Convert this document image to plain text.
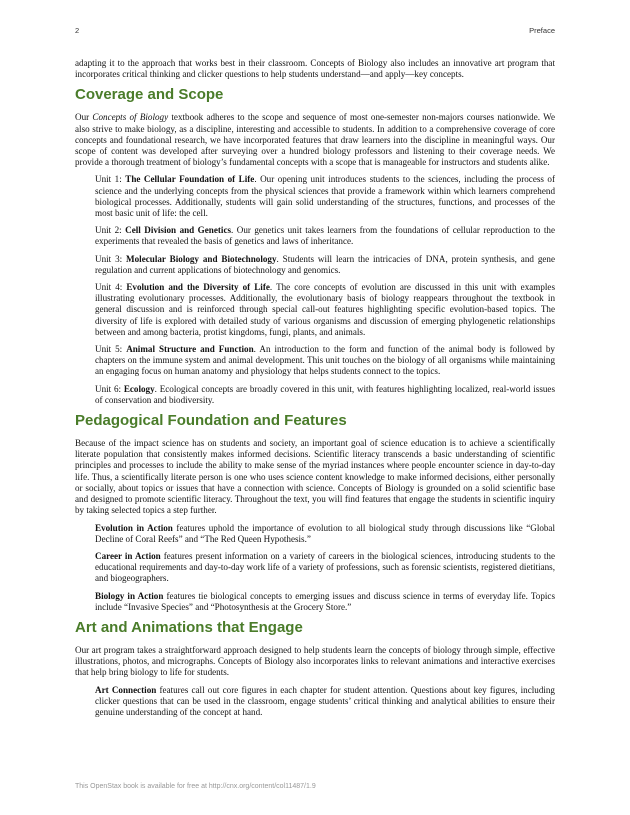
2	Preface

adapting it to the approach that works best in their classroom. Concepts of Biology also includes an innovative art program that incorporates critical thinking and clicker questions to help students understand—and apply—key concepts.

Coverage and Scope

Our Concepts of Biology textbook adheres to the scope and sequence of most one-semester non-majors courses nationwide. We also strive to make biology, as a discipline, interesting and accessible to students. In addition to a comprehensive coverage of core concepts and foundational research, we have incorporated features that draw learners into the discipline in meaningful ways. Our scope of content was developed after surveying over a hundred biology professors and listening to their coverage needs. We provide a thorough treatment of biology’s fundamental concepts with a scope that is manageable for instructors and students alike.

Unit 1: The Cellular Foundation of Life. Our opening unit introduces students to the sciences, including the process of science and the underlying concepts from the physical sciences that provide a framework within which learners comprehend biological processes. Additionally, students will gain solid understanding of the structures, functions, and processes of the most basic unit of life: the cell.

Unit 2: Cell Division and Genetics. Our genetics unit takes learners from the foundations of cellular reproduction to the experiments that revealed the basis of genetics and laws of inheritance.

Unit 3: Molecular Biology and Biotechnology. Students will learn the intricacies of DNA, protein synthesis, and gene regulation and current applications of biotechnology and genomics.

Unit 4: Evolution and the Diversity of Life. The core concepts of evolution are discussed in this unit with examples illustrating evolutionary processes. Additionally, the evolutionary basis of biology reappears throughout the textbook in general discussion and is reinforced through special call-out features highlighting specific evolution-based topics. The diversity of life is explored with detailed study of various organisms and discussion of emerging phylogenetic relationships between and among bacteria, protist kingdoms, fungi, plants, and animals.

Unit 5: Animal Structure and Function. An introduction to the form and function of the animal body is followed by chapters on the immune system and animal development. This unit touches on the biology of all organisms while maintaining an engaging focus on human anatomy and physiology that helps students connect to the topics.

Unit 6: Ecology. Ecological concepts are broadly covered in this unit, with features highlighting localized, real-world issues of conservation and biodiversity.

Pedagogical Foundation and Features

Because of the impact science has on students and society, an important goal of science education is to achieve a scientifically literate population that consistently makes informed decisions. Scientific literacy transcends a basic understanding of scientific principles and processes to include the ability to make sense of the myriad instances where people encounter science in day-to-day life. Thus, a scientifically literate person is one who uses science content knowledge to make informed decisions, either personally or socially, about topics or issues that have a connection with science. Concepts of Biology is grounded on a solid scientific base and designed to promote scientific literacy. Throughout the text, you will find features that engage the students in scientific inquiry by taking selected topics a step further.

Evolution in Action features uphold the importance of evolution to all biological study through discussions like “Global Decline of Coral Reefs” and “The Red Queen Hypothesis.”

Career in Action features present information on a variety of careers in the biological sciences, introducing students to the educational requirements and day-to-day work life of a variety of professions, such as forensic scientists, registered dietitians, and biogeographers.

Biology in Action features tie biological concepts to emerging issues and discuss science in terms of everyday life. Topics include “Invasive Species” and “Photosynthesis at the Grocery Store.”

Art and Animations that Engage

Our art program takes a straightforward approach designed to help students learn the concepts of biology through simple, effective illustrations, photos, and micrographs. Concepts of Biology also incorporates links to relevant animations and interactive exercises that help bring biology to life for students.

Art Connection features call out core figures in each chapter for student attention. Questions about key figures, including clicker questions that can be used in the classroom, engage students’ critical thinking and analytical abilities to ensure their genuine understanding of the concept at hand.

This OpenStax book is available for free at http://cnx.org/content/col11487/1.9
